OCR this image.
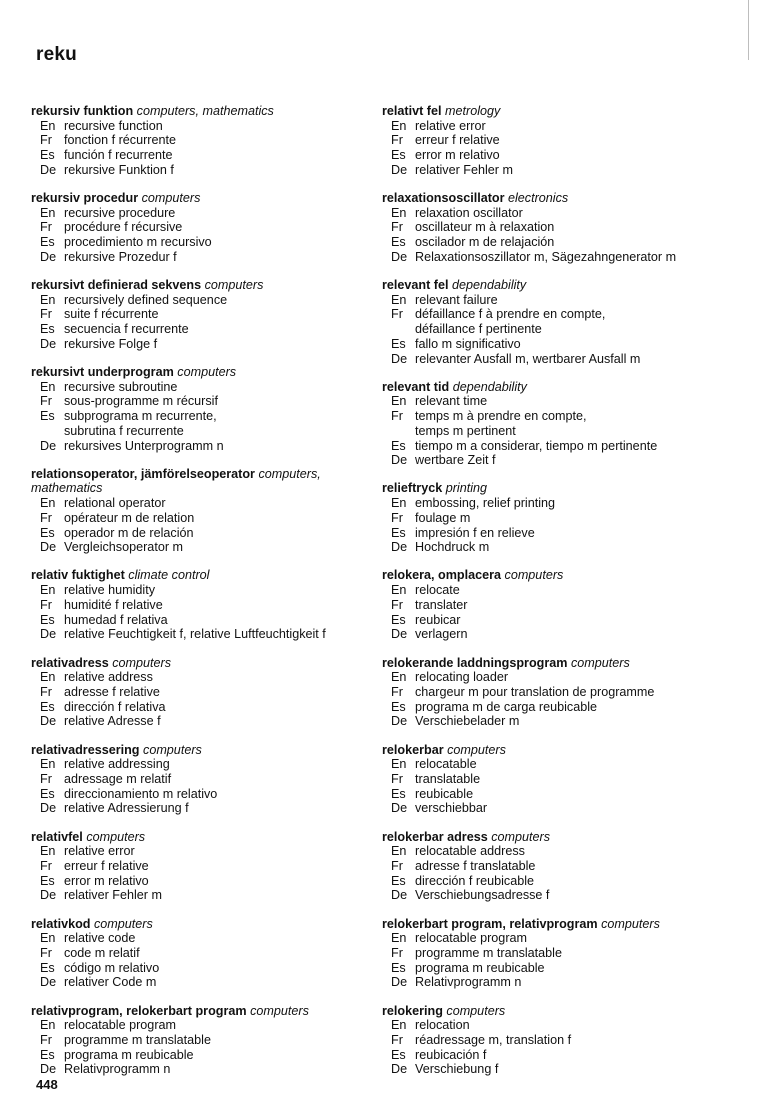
reku
rekursiv funktion computers, mathematics
En recursive function
Fr fonction f récurrente
Es función f recurrente
De rekursive Funktion f
rekursiv procedur computers
En recursive procedure
Fr procédure f récursive
Es procedimiento m recursivo
De rekursive Prozedur f
rekursivt definierad sekvens computers
En recursively defined sequence
Fr suite f récurrente
Es secuencia f recurrente
De rekursive Folge f
rekursivt underprogram computers
En recursive subroutine
Fr sous-programme m récursif
Es subprograma m recurrente,
subrutina f recurrente
De rekursives Unterprogramm n
relationsoperator, jämförelseoperator computers,
mathematics
En relational operator
Fr opérateur m de relation
Es operador m de relación
De Vergleichsoperator m
relativ fuktighet climate control
En relative humidity
Fr humidité f relative
Es humedad f relativa
De relative Feuchtigkeit f, relative Luftfeuchtigkeit f
relativadress computers
En relative address
Fr adresse f relative
Es dirección f relativa
De relative Adresse f
relativadressering computers
En relative addressing
Fr adressage m relatif
Es direccionamiento m relativo
De relative Adressierung f
relativfel computers
En relative error
Fr erreur f relative
Es error m relativo
De relativer Fehler m
relativkod computers
En relative code
Fr code m relatif
Es código m relativo
De relativer Code m
relativprogram, relokerbart program computers
En relocatable program
Fr programme m translatable
Es programa m reubicable
De Relativprogramm n
relativt fel metrology
En relative error
Fr erreur f relative
Es error m relativo
De relativer Fehler m
relaxationsoscillator electronics
En relaxation oscillator
Fr oscillateur m à relaxation
Es oscilador m de relajación
De Relaxationsoszillator m, Sägezahngenerator m
relevant fel dependability
En relevant failure
Fr défaillance f à prendre en compte,
défaillance f pertinente
Es fallo m significativo
De relevanter Ausfall m, wertbarer Ausfall m
relevant tid dependability
En relevant time
Fr temps m à prendre en compte,
temps m pertinent
Es tiempo m a considerar, tiempo m pertinente
De wertbare Zeit f
relieftryck printing
En embossing, relief printing
Fr foulage m
Es impresión f en relieve
De Hochdruck m
relokera, omplacera computers
En relocate
Fr translater
Es reubicar
De verlagern
relokerande laddningsprogram computers
En relocating loader
Fr chargeur m pour translation de programme
Es programa m de carga reubicable
De Verschiebelader m
relokerbar computers
En relocatable
Fr translatable
Es reubicable
De verschiebbar
relokerbar adress computers
En relocatable address
Fr adresse f translatable
Es dirección f reubicable
De Verschiebungsadresse f
relokerbart program, relativprogram computers
En relocatable program
Fr programme m translatable
Es programa m reubicable
De Relativprogramm n
relokering computers
En relocation
Fr réadressage m, translation f
Es reubicación f
De Verschiebung f
448
